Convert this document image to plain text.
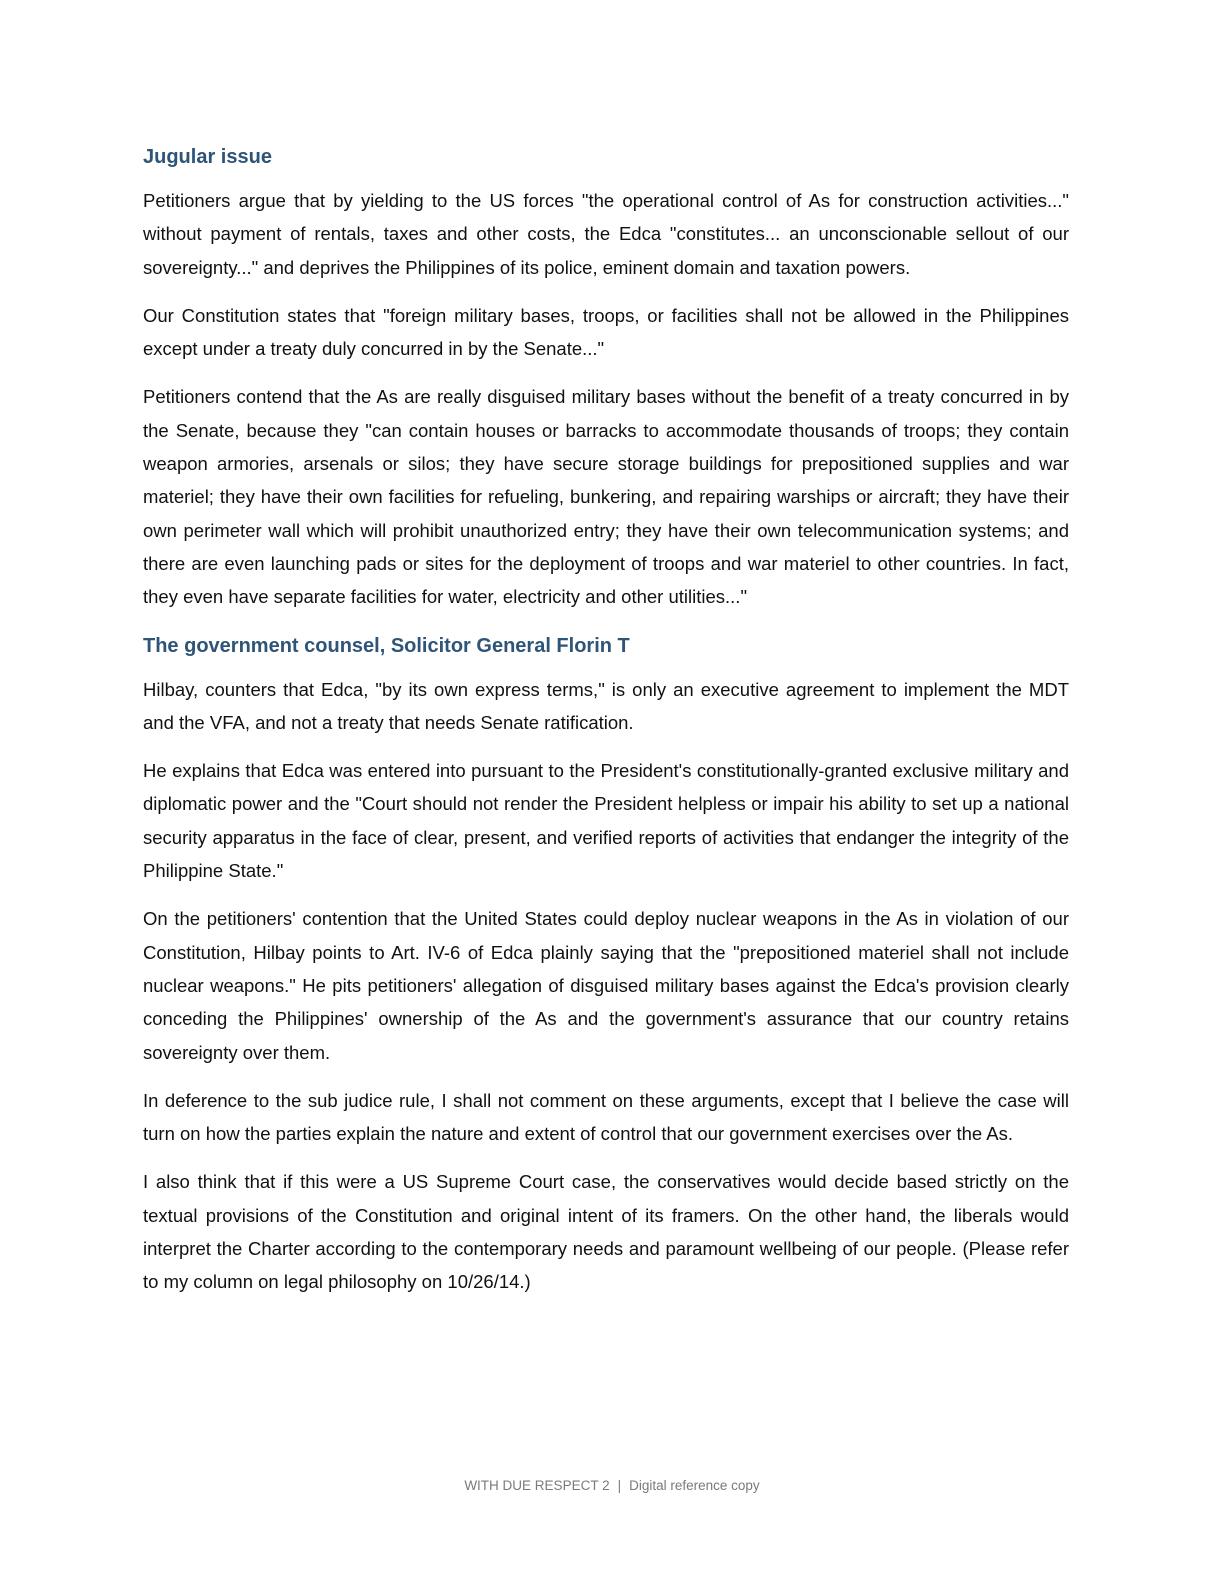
Jugular issue

Petitioners argue that by yielding to the US forces "the operational control of As for construction activities..." without payment of rentals, taxes and other costs, the Edca "constitutes... an unconscionable sellout of our sovereignty..." and deprives the Philippines of its police, eminent domain and taxation powers.

Our Constitution states that "foreign military bases, troops, or facilities shall not be allowed in the Philippines except under a treaty duly concurred in by the Senate..."

Petitioners contend that the As are really disguised military bases without the benefit of a treaty concurred in by the Senate, because they "can contain houses or barracks to accommodate thousands of troops; they contain weapon armories, arsenals or silos; they have secure storage buildings for prepositioned supplies and war materiel; they have their own facilities for refueling, bunkering, and repairing warships or aircraft; they have their own perimeter wall which will prohibit unauthorized entry; they have their own telecommunication systems; and there are even launching pads or sites for the deployment of troops and war materiel to other countries. In fact, they even have separate facilities for water, electricity and other utilities..."

The government counsel, Solicitor General Florin T

Hilbay, counters that Edca, "by its own express terms," is only an executive agreement to implement the MDT and the VFA, and not a treaty that needs Senate ratification.

He explains that Edca was entered into pursuant to the President's constitutionally-granted exclusive military and diplomatic power and the "Court should not render the President helpless or impair his ability to set up a national security apparatus in the face of clear, present, and verified reports of activities that endanger the integrity of the Philippine State."

On the petitioners' contention that the United States could deploy nuclear weapons in the As in violation of our Constitution, Hilbay points to Art. IV-6 of Edca plainly saying that the "prepositioned materiel shall not include nuclear weapons." He pits petitioners' allegation of disguised military bases against the Edca's provision clearly conceding the Philippines' ownership of the As and the government's assurance that our country retains sovereignty over them.

In deference to the sub judice rule, I shall not comment on these arguments, except that I believe the case will turn on how the parties explain the nature and extent of control that our government exercises over the As.

I also think that if this were a US Supreme Court case, the conservatives would decide based strictly on the textual provisions of the Constitution and original intent of its framers. On the other hand, the liberals would interpret the Charter according to the contemporary needs and paramount wellbeing of our people. (Please refer to my column on legal philosophy on 10/26/14.)

WITH DUE RESPECT 2 | Digital reference copy
